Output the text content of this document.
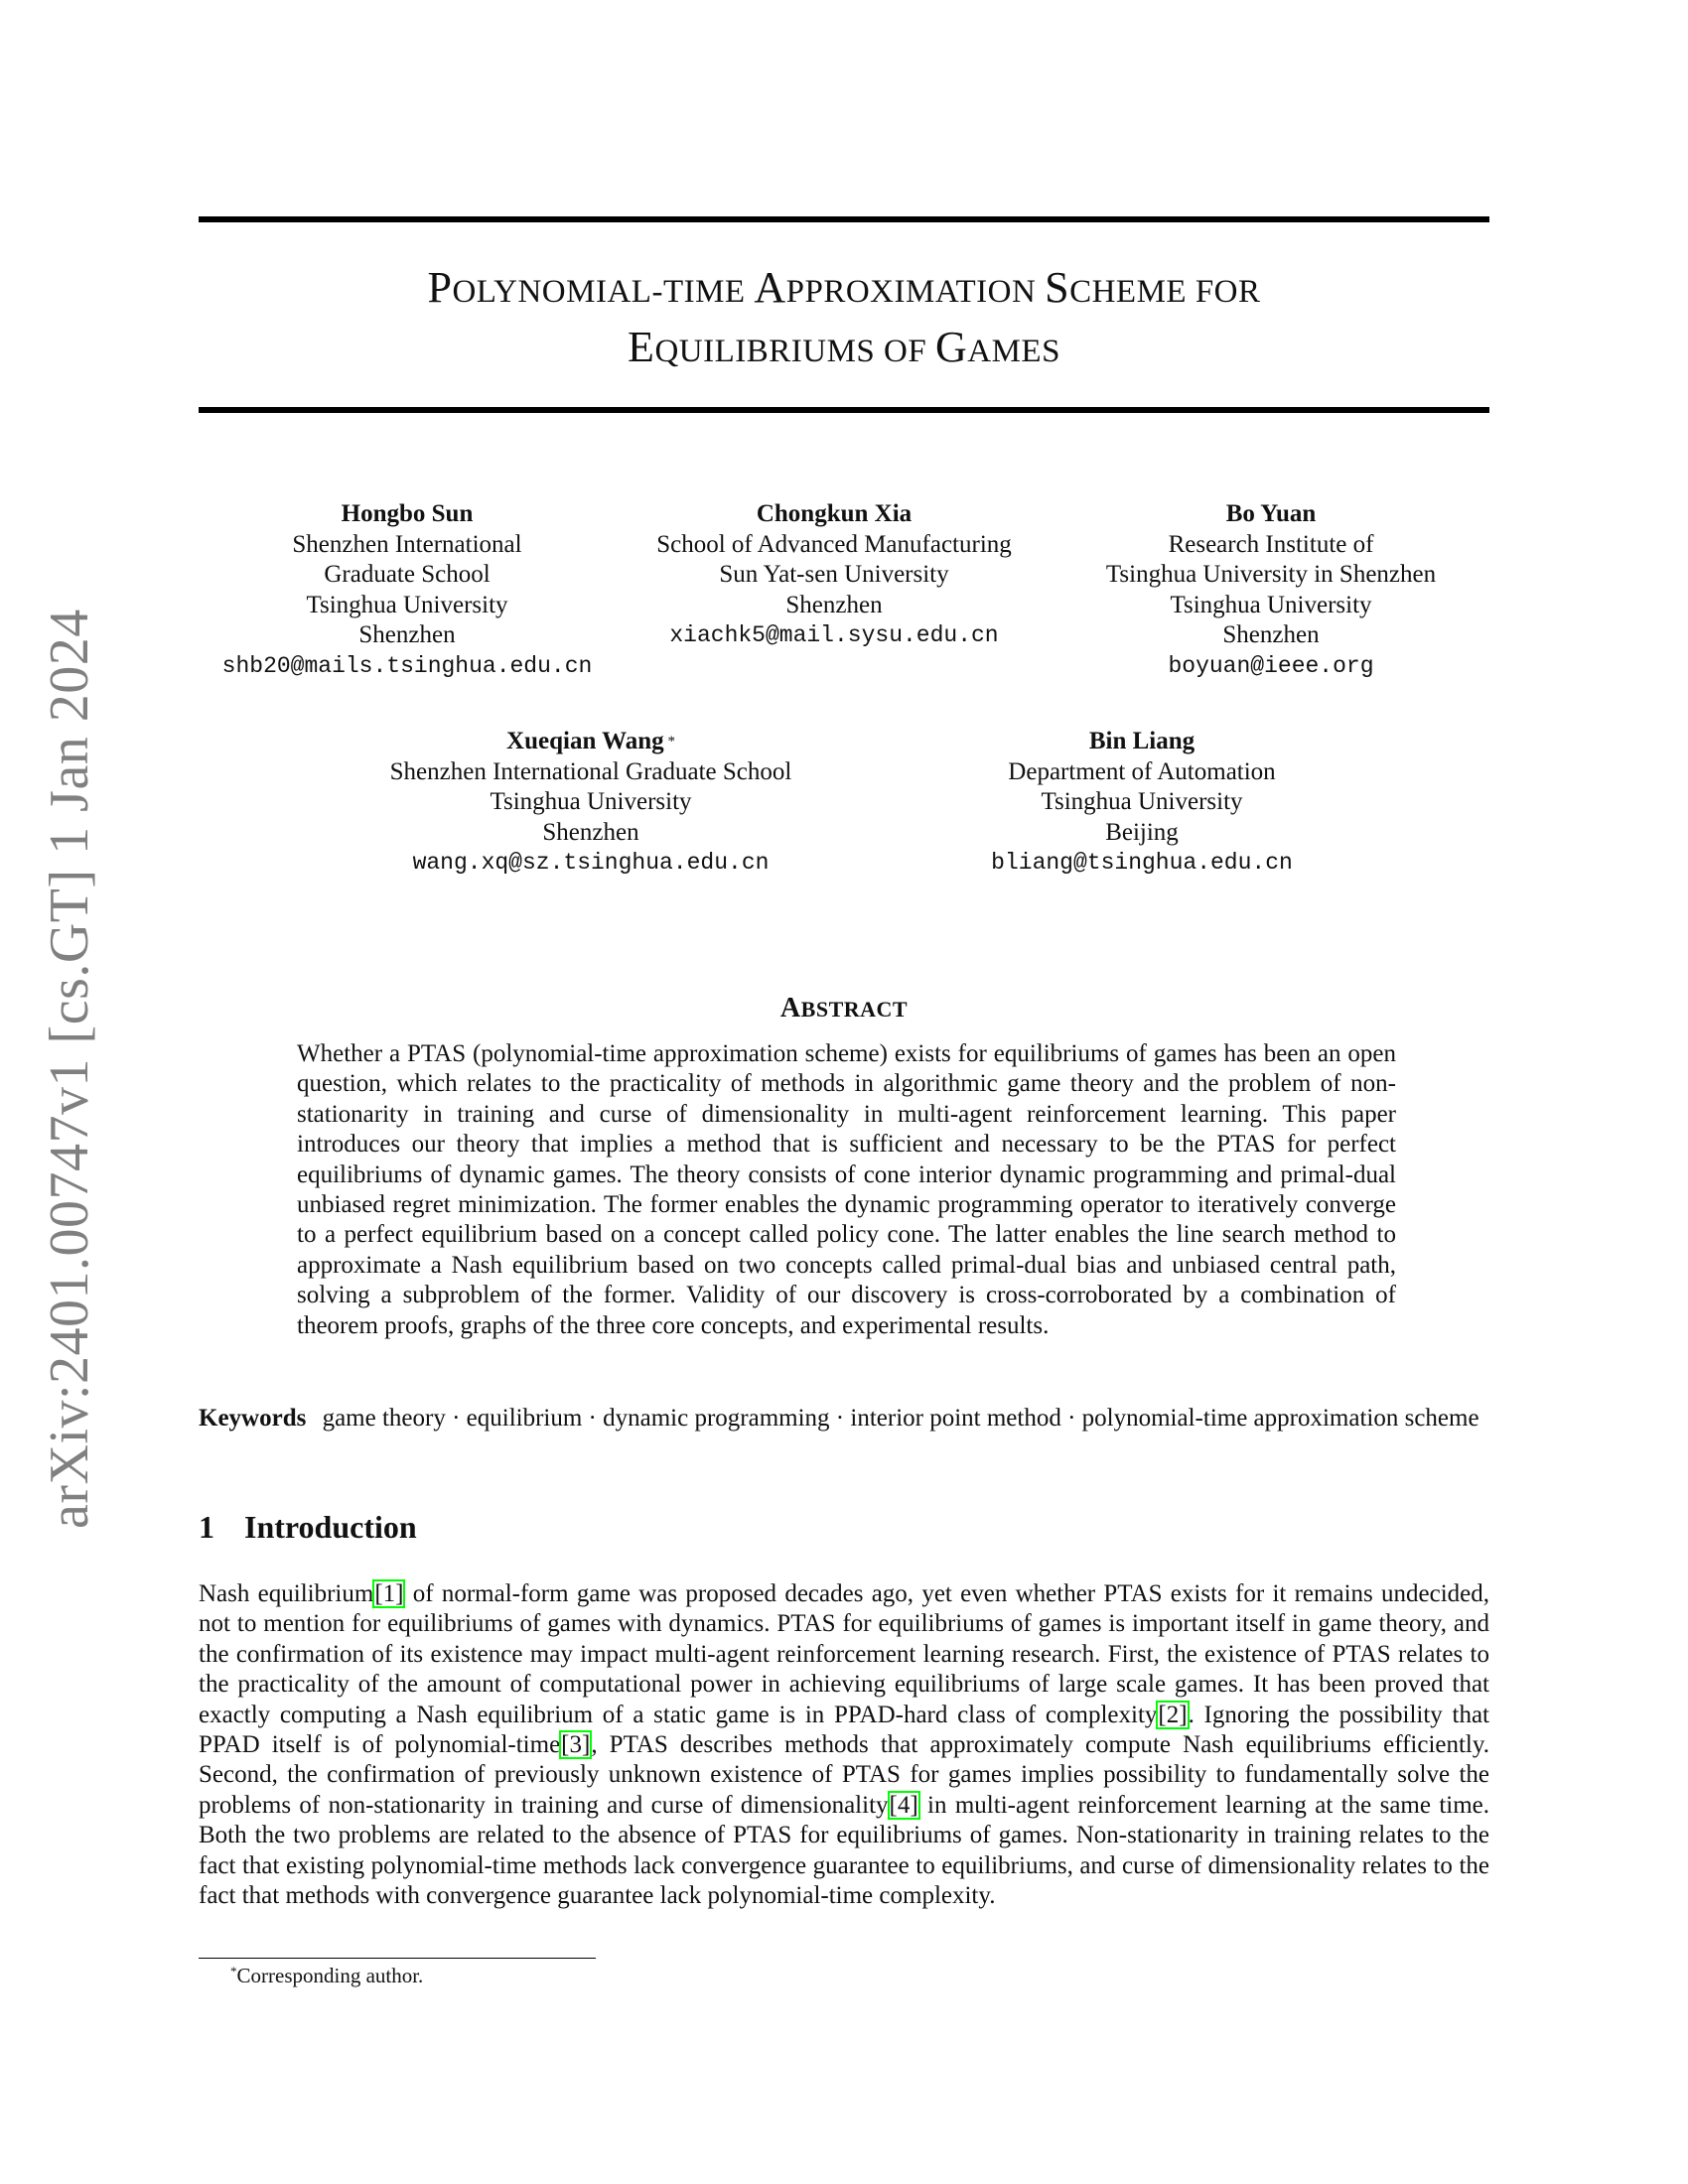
arXiv:2401.00747v1 [cs.GT] 1 Jan 2024
POLYNOMIAL-TIME APPROXIMATION SCHEME FOR
EQUILIBRIUMS OF GAMES
Hongbo Sun
Shenzhen International
Graduate School
Tsinghua University
Shenzhen
shb20@mails.tsinghua.edu.cn
Chongkun Xia
School of Advanced Manufacturing
Sun Yat-sen University
Shenzhen
xiachk5@mail.sysu.edu.cn
Bo Yuan
Research Institute of
Tsinghua University in Shenzhen
Tsinghua University
Shenzhen
boyuan@ieee.org
Xueqian Wang *
Shenzhen International Graduate School
Tsinghua University
Shenzhen
wang.xq@sz.tsinghua.edu.cn
Bin Liang
Department of Automation
Tsinghua University
Beijing
bliang@tsinghua.edu.cn
ABSTRACT
Whether a PTAS (polynomial-time approximation scheme) exists for equilibriums of games has been an open question, which relates to the practicality of methods in algorithmic game theory and the problem of non-stationarity in training and curse of dimensionality in multi-agent reinforcement learning. This paper introduces our theory that implies a method that is sufficient and necessary to be the PTAS for perfect equilibriums of dynamic games. The theory consists of cone interior dynamic programming and primal-dual unbiased regret minimization. The former enables the dynamic programming operator to iteratively converge to a perfect equilibrium based on a concept called policy cone. The latter enables the line search method to approximate a Nash equilibrium based on two concepts called primal-dual bias and unbiased central path, solving a subproblem of the former. Validity of our discovery is cross-corroborated by a combination of theorem proofs, graphs of the three core concepts, and experimental results.
Keywords game theory · equilibrium · dynamic programming · interior point method · polynomial-time approximation scheme
1 Introduction
Nash equilibrium[1] of normal-form game was proposed decades ago, yet even whether PTAS exists for it remains undecided, not to mention for equilibriums of games with dynamics. PTAS for equilibriums of games is important itself in game theory, and the confirmation of its existence may impact multi-agent reinforcement learning research. First, the existence of PTAS relates to the practicality of the amount of computational power in achieving equilibriums of large scale games. It has been proved that exactly computing a Nash equilibrium of a static game is in PPAD-hard class of complexity[2]. Ignoring the possibility that PPAD itself is of polynomial-time[3], PTAS describes methods that approximately compute Nash equilibriums efficiently. Second, the confirmation of previously unknown existence of PTAS for games implies possibility to fundamentally solve the problems of non-stationarity in training and curse of dimensionality[4] in multi-agent reinforcement learning at the same time. Both the two problems are related to the absence of PTAS for equilibriums of games. Non-stationarity in training relates to the fact that existing polynomial-time methods lack convergence guarantee to equilibriums, and curse of dimensionality relates to the fact that methods with convergence guarantee lack polynomial-time complexity.
*Corresponding author.
